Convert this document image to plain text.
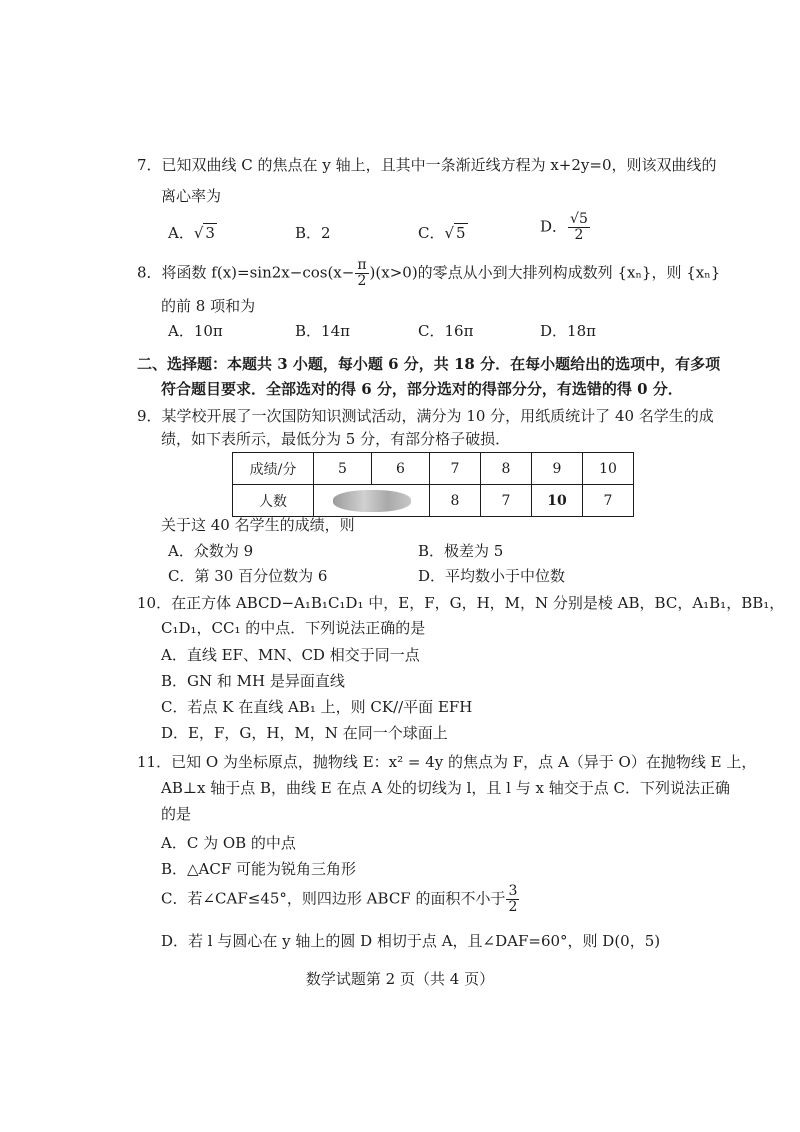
7．已知双曲线 C 的焦点在 y 轴上，且其中一条渐近线方程为 x+2y=0，则该双曲线的
离心率为
A．√ 3	B．2	C．√ 5	D． $\frac{√5}{2}$
8．将函数 $f(x)=\sin 2x-\cos(x- \frac{\pi}{2} )(x>0)$的零点从小到大排列构成数列 {xₙ}，则 {xₙ}
的前 8 项和为
A．10π	B．14π	C．16π	D．18π
二、选择题：本题共 3 小题，每小题 6 分，共 18 分．在每小题给出的选项中，有多项
符合题目要求．全部选对的得 6 分，部分选对的得部分分，有选错的得 0 分．
9．某学校开展了一次国防知识测试活动，满分为 10 分，用纸质统计了 40 名学生的成
绩，如下表所示，最低分为 5 分，有部分格子破损．
成绩/分	5	6	7	8	9	10
人数			8	7	10	7
关于这 40 名学生的成绩，则
A．众数为 9	B．极差为 5
C．第 30 百分位数为 6	D．平均数小于中位数
10．在正方体 ABCD−A₁B₁C₁D₁ 中，E，F，G，H，M，N 分别是棱 AB，BC，A₁B₁，BB₁，
C₁D₁，CC₁ 的中点．下列说法正确的是
A．直线 EF、MN、CD 相交于同一点
B．GN 和 MH 是异面直线
C．若点 K 在直线 AB₁ 上，则 CK//平面 EFH
D．E，F，G，H，M，N 在同一个球面上
11．已知 O 为坐标原点，抛物线 E：x² = 4y 的焦点为 F，点 A（异于 O）在抛物线 E 上，
AB⊥x 轴于点 B，曲线 E 在点 A 处的切线为 l，且 l 与 x 轴交于点 C．下列说法正确
的是
A．C 为 OB 的中点
B．△ACF 可能为锐角三角形
C．若∠CAF≤45°，则四边形 ABCF 的面积不小于 $\frac{3}{2}$
D．若 l 与圆心在 y 轴上的圆 D 相切于点 A，且∠DAF=60°，则 D(0，5)
数学试题第 2 页（共 4 页）
